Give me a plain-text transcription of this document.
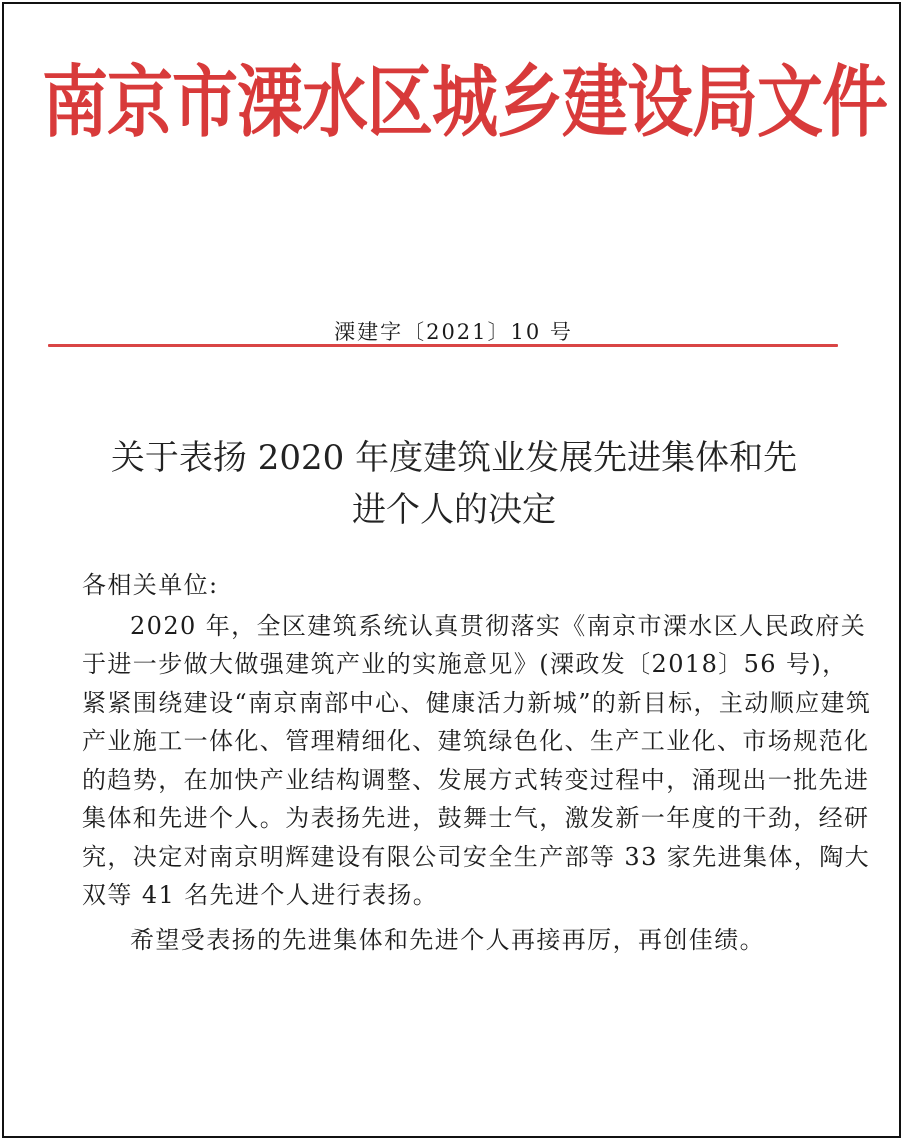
南京市溧水区城乡建设局文件
溧建字〔2021〕10 号
关于表扬 2020 年度建筑业发展先进集体和先
进个人的决定

各相关单位:

2020 年，全区建筑系统认真贯彻落实《南京市溧水区人民政府关于进一步做大做强建筑产业的实施意见》(溧政发〔2018〕56 号)，紧紧围绕建设“南京南部中心、健康活力新城”的新目标，主动顺应建筑产业施工一体化、管理精细化、建筑绿色化、生产工业化、市场规范化的趋势，在加快产业结构调整、发展方式转变过程中，涌现出一批先进集体和先进个人。为表扬先进，鼓舞士气，激发新一年度的干劲，经研究，决定对南京明辉建设有限公司安全生产部等 33 家先进集体，陶大双等 41 名先进个人进行表扬。

希望受表扬的先进集体和先进个人再接再厉，再创佳绩。
